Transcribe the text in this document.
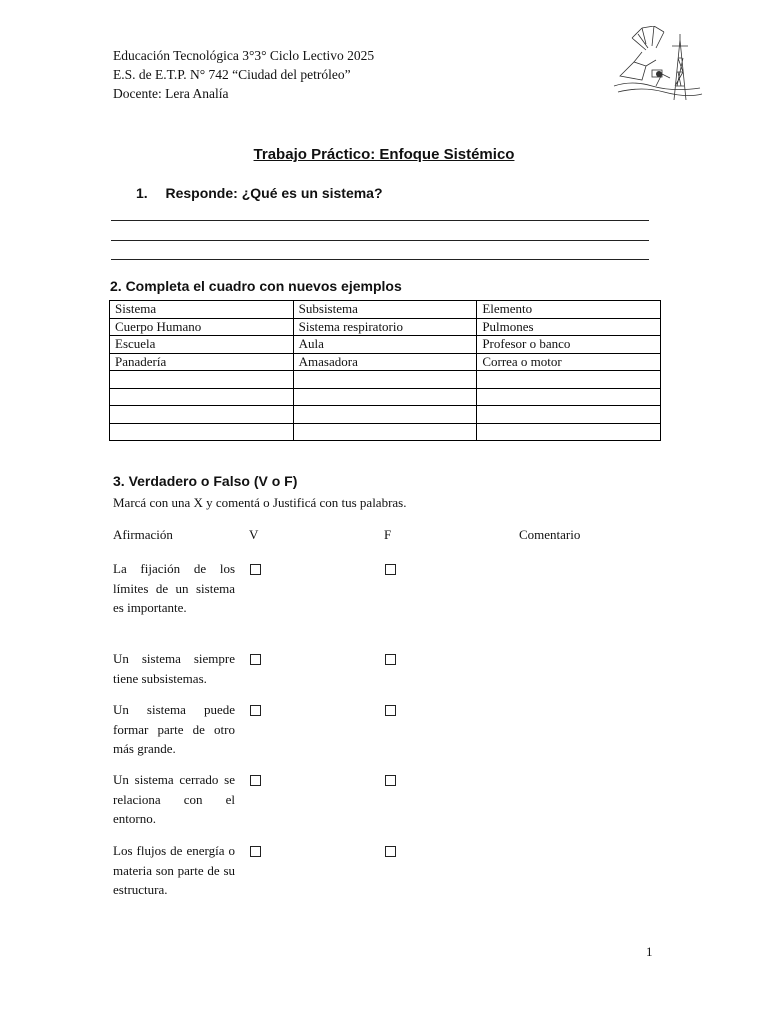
Educación Tecnológica 3°3° Ciclo Lectivo 2025
E.S. de E.T.P. N° 742 “Ciudad del petróleo”
Docente: Lera Analía
Trabajo Práctico: Enfoque Sistémico
1. Responde: ¿Qué es un sistema?
2. Completa el cuadro con nuevos ejemplos
Sistema	Subsistema	Elemento
Cuerpo Humano	Sistema respiratorio	Pulmones
Escuela	Aula	Profesor o banco
Panadería	Amasadora	Correa o motor

3. Verdadero o Falso (V o F)
Marcá con una X y comentá o Justificá con tus palabras.
Afirmación	V	F	Comentario
La fijación de los límites de un sistema es importante.
Un sistema siempre tiene subsistemas.
Un sistema puede formar parte de otro más grande.
Un sistema cerrado se relaciona con el entorno.
Los flujos de energía o materia son parte de su estructura.
1
